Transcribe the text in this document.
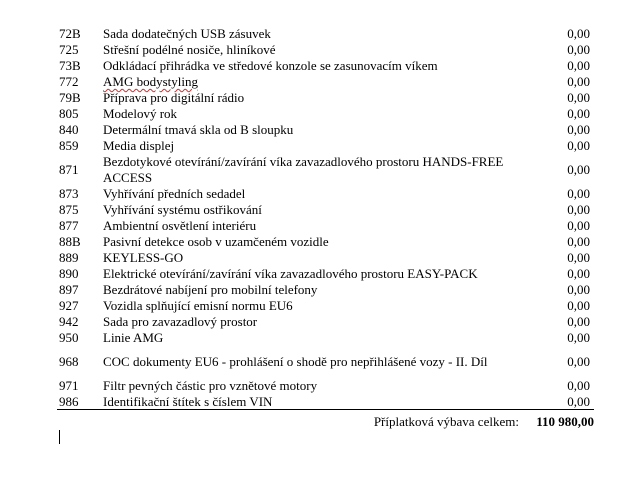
72B	Sada dodatečných USB zásuvek	0,00
725	Střešní podélné nosiče, hliníkové	0,00
73B	Odkládací přihrádka ve středové konzole se zasunovacím víkem	0,00
772	AMG bodystyling	0,00
79B	Příprava pro digitální rádio	0,00
805	Modelový rok	0,00
840	Determální tmavá skla od B sloupku	0,00
859	Media displej	0,00
871	Bezdotykové otevírání/zavírání víka zavazadlového prostoru HANDS-FREE ACCESS	0,00
873	Vyhřívání předních sedadel	0,00
875	Vyhřívání systému ostřikování	0,00
877	Ambientní osvětlení interiéru	0,00
88B	Pasivní detekce osob v uzamčeném vozidle	0,00
889	KEYLESS-GO	0,00
890	Elektrické otevírání/zavírání víka zavazadlového prostoru EASY-PACK	0,00
897	Bezdrátové nabíjení pro mobilní telefony	0,00
927	Vozidla splňující emisní normu EU6	0,00
942	Sada pro zavazadlový prostor	0,00
950	Linie AMG	0,00
968	COC dokumenty EU6 - prohlášení o shodě pro nepřihlášené vozy - II. Díl	0,00
971	Filtr pevných částic pro vznětové motory	0,00
986	Identifikační štítek s číslem VIN	0,00
Příplatková výbava celkem: 110 980,00
